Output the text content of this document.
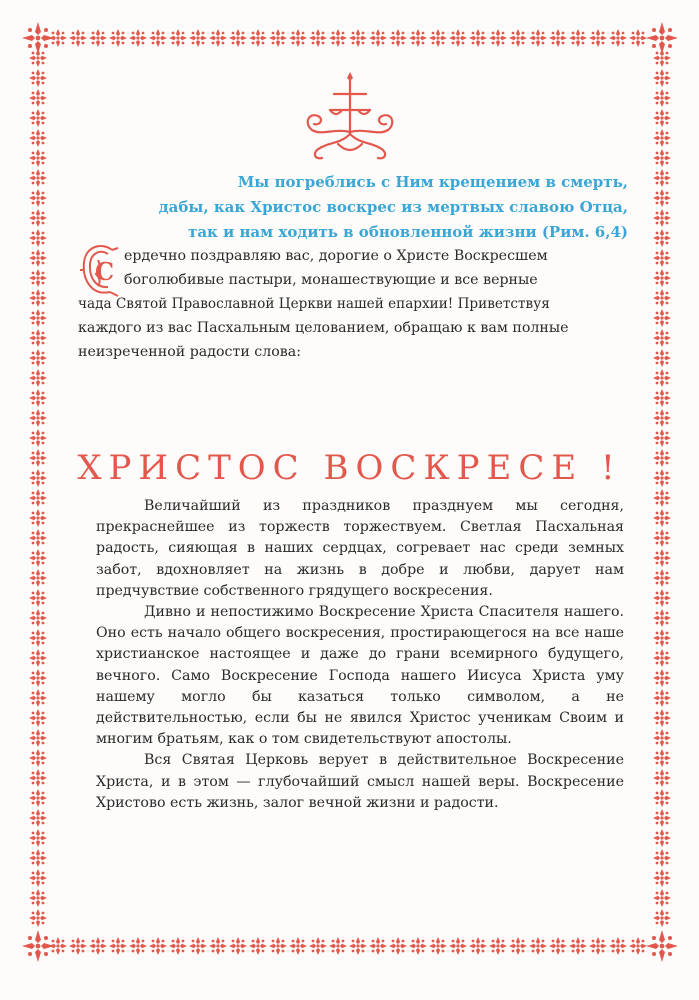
Мы погреблись с Ним крещением в смерть,
дабы, как Христос воскрес из мертвых славою Отца,
так и нам ходить в обновленной жизни (Рим. 6,4)
С
ердечно поздравляю вас, дорогие о Христе Воскресшем
боголюбивые пастыри, монашествующие и все верные
чада Святой Православной Церкви нашей епархии! Приветствуя
каждого из вас Пасхальным целованием, обращаю к вам полные
неизреченной радости слова:
ХРИСТОС ВОСКРЕСЕ !

Величайший из праздников празднуем мы сегодня, прекраснейшее из торжеств торжествуем. Светлая Пасхальная радость, сияющая в наших сердцах, согревает нас среди земных забот, вдохновляет на жизнь в добре и любви, дарует нам предчувствие собственного грядущего воскресения.

Дивно и непостижимо Воскресение Христа Спасителя нашего. Оно есть начало общего воскресения, простирающегося на все наше христианское настоящее и даже до грани всемирного будущего, вечного. Само Воскресение Господа нашего Иисуса Христа уму нашему могло бы казаться только символом, а не действительностью, если бы не явился Христос ученикам Своим и многим братьям, как о том свидетельствуют апостолы.

Вся Святая Церковь верует в действительное Воскресение Христа, и в этом — глубочайший смысл нашей веры. Воскресение Христово есть жизнь, залог вечной жизни и радости.
